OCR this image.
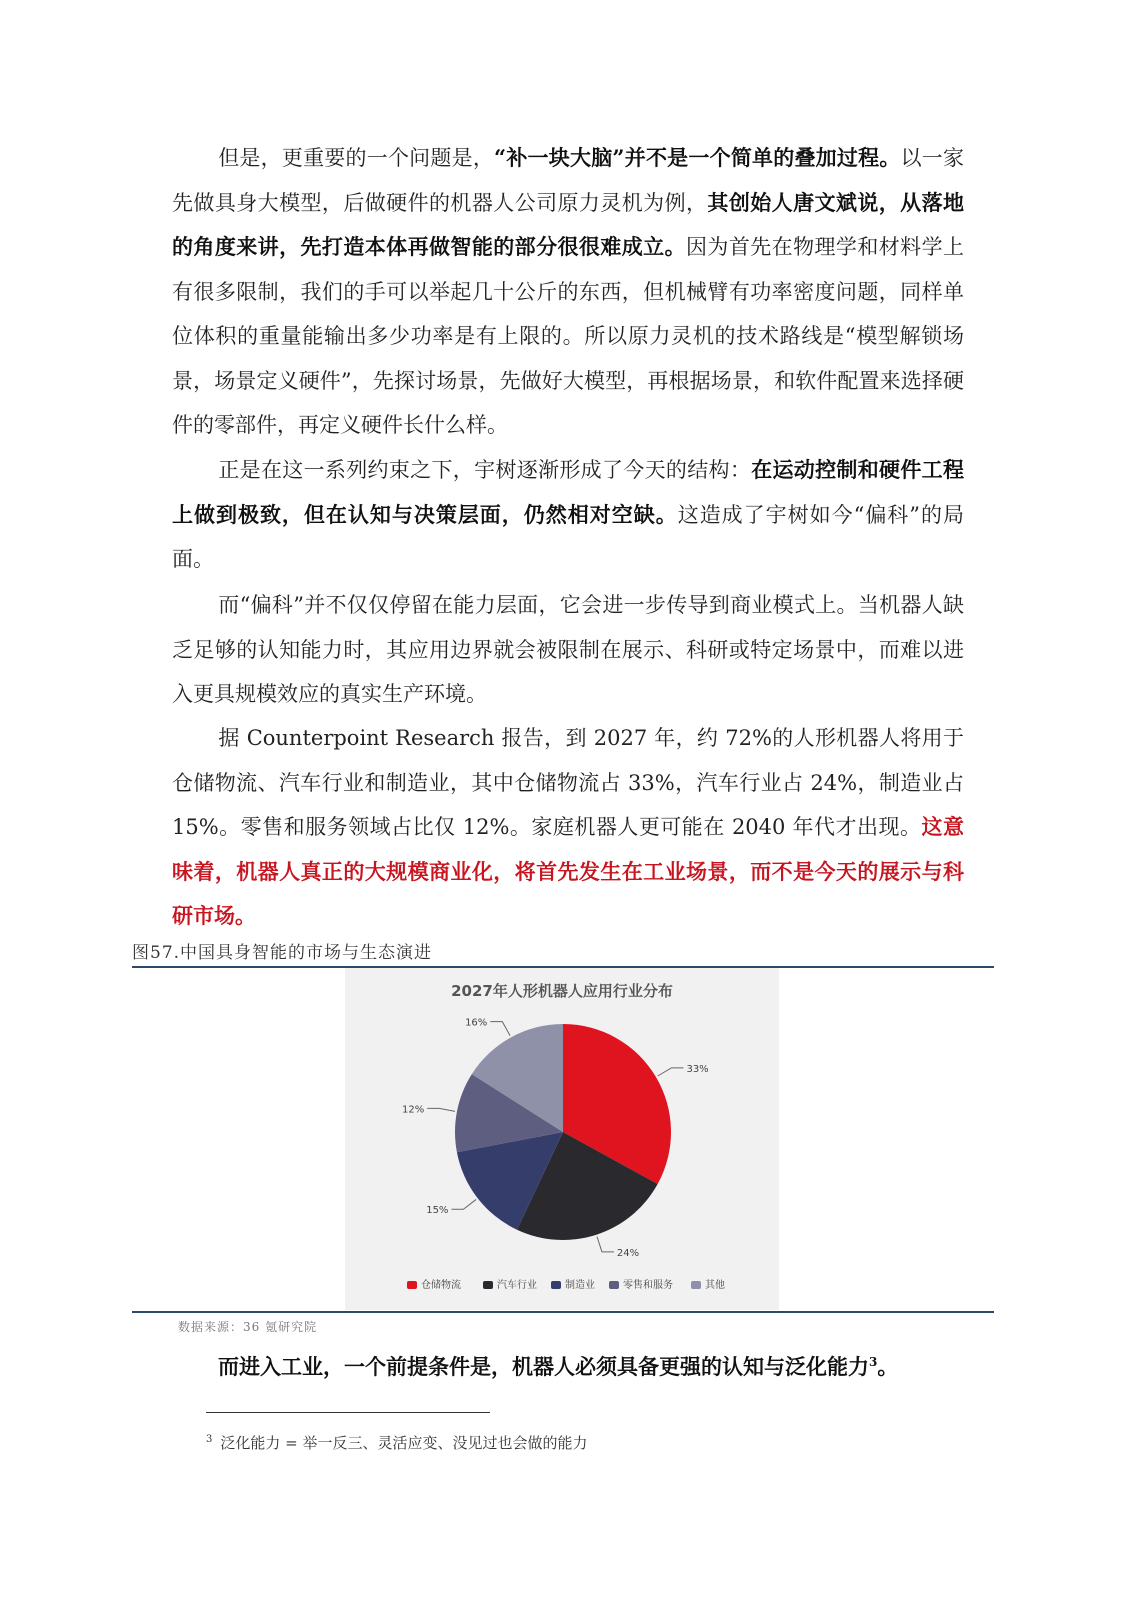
但是，更重要的一个问题是，“补一块大脑”并不是一个简单的叠加过程。以一家先做具身大模型，后做硬件的机器人公司原力灵机为例，其创始人唐文斌说，从落地的角度来讲，先打造本体再做智能的部分很很难成立。因为首先在物理学和材料学上有很多限制，我们的手可以举起几十公斤的东西，但机械臂有功率密度问题，同样单位体积的重量能输出多少功率是有上限的。所以原力灵机的技术路线是“模型解锁场景，场景定义硬件”，先探讨场景，先做好大模型，再根据场景，和软件配置来选择硬件的零部件，再定义硬件长什么样。

正是在这一系列约束之下，宇树逐渐形成了今天的结构：在运动控制和硬件工程上做到极致，但在认知与决策层面，仍然相对空缺。这造成了宇树如今“偏科”的局面。

而“偏科”并不仅仅停留在能力层面，它会进一步传导到商业模式上。当机器人缺乏足够的认知能力时，其应用边界就会被限制在展示、科研或特定场景中，而难以进入更具规模效应的真实生产环境。

据 Counterpoint Research 报告，到 2027 年，约 72%的人形机器人将用于仓储物流、汽车行业和制造业，其中仓储物流占 33%，汽车行业占 24%，制造业占 15%。零售和服务领域占比仅 12%。家庭机器人更可能在 2040 年代才出现。这意味着，机器人真正的大规模商业化，将首先发生在工业场景，而不是今天的展示与科研市场。

图57.中国具身智能的市场与生态演进
2027年人形机器人应用行业分布
33%
24%
15%
12%
16%
仓储物流	汽车行业	制造业	零售和服务	其他
数据来源：36 氪研究院
而进入工业，一个前提条件是，机器人必须具备更强的认知与泛化能力$^3$。
$^3$ 泛化能力 = 举一反三、灵活应变、没见过也会做的能力
